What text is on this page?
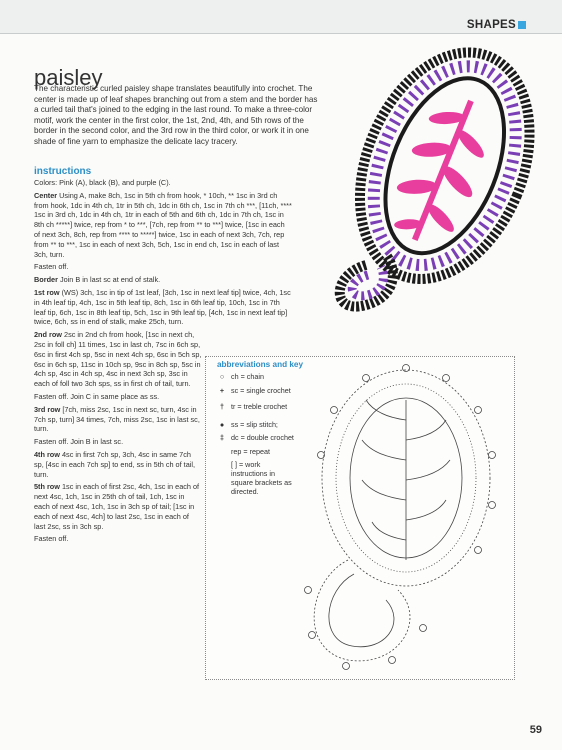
SHAPES
paisley

The characteristic curled paisley shape translates beautifully into crochet. The center is made up of leaf shapes branching out from a stem and the border has a curled tail that's joined to the edging in the last round. To make a three-color motif, work the center in the first color, the 1st, 2nd, 4th, and 5th rows of the border in the second color, and the 3rd row in the third color, or work it in one shade of fine yarn to emphasize the delicate lacy tracery.

instructions

Colors: Pink (A), black (B), and purple (C).

Center Using A, make 8ch, 1sc in 5th ch from hook, * 10ch, ** 1sc in 3rd ch from hook, 1dc in 4th ch, 1tr in 5th ch, 1dc in 6th ch, 1sc in 7th ch ***, [11ch, **** 1sc in 3rd ch, 1dc in 4th ch, 1tr in each of 5th and 6th ch, 1dc in 7th ch, 1sc in 8th ch *****] twice, rep from * to ***, [7ch, rep from ** to ***] twice, [1sc in each of next 3ch, 8ch, rep from **** to *****] twice, 1sc in each of next 3ch, 7ch, rep from ** to ***, 1sc in each of next 3ch, 5ch, 1sc in end ch, 1sc in each of last 3ch, turn.

Fasten off.

Border Join B in last sc at end of stalk.

1st row (WS) 3ch, 1sc in tip of 1st leaf, [3ch, 1sc in next leaf tip] twice, 4ch, 1sc in 4th leaf tip, 4ch, 1sc in 5th leaf tip, 8ch, 1sc in 6th leaf tip, 10ch, 1sc in 7th leaf tip, 6ch, 1sc in 8th leaf tip, 5ch, 1sc in 9th leaf tip, [4ch, 1sc in next leaf tip] twice, 6ch, ss in end of stalk, make 25ch, turn.

2nd row 2sc in 2nd ch from hook, [1sc in next ch, 2sc in foll ch] 11 times, 1sc in last ch, 7sc in 6ch sp, 6sc in first 4ch sp, 5sc in next 4ch sp, 6sc in 5ch sp, 6sc in 6ch sp, 11sc in 10ch sp, 9sc in 8ch sp, 5sc in 4ch sp, 4sc in 4ch sp, 4sc in next 3ch sp, 3sc in each of foll two 3ch sps, ss in first ch of tail, turn.

Fasten off. Join C in same place as ss.

3rd row [7ch, miss 2sc, 1sc in next sc, turn, 4sc in 7ch sp, turn] 34 times, 7ch, miss 2sc, 1sc in last sc, turn.

Fasten off. Join B in last sc.

4th row 4sc in first 7ch sp, 3ch, 4sc in same 7ch sp, [4sc in each 7ch sp] to end, ss in 5th ch of tail, turn.

5th row 1sc in each of first 2sc, 4ch, 1sc in each of next 4sc, 1ch, 1sc in 25th ch of tail, 1ch, 1sc in each of next 4sc, 1ch, 1sc in 3ch sp of tail; [1sc in each of next 4sc, 4ch] to last 2sc, 1sc in each of last 2sc, ss in 3ch sp.

Fasten off.

abbreviations and key
○ ch = chain
+ sc = single crochet
† tr = treble crochet
● ss = slip stitch;
‡ dc = double crochet
rep = repeat
[ ] = work instructions in square brackets as directed.
59
